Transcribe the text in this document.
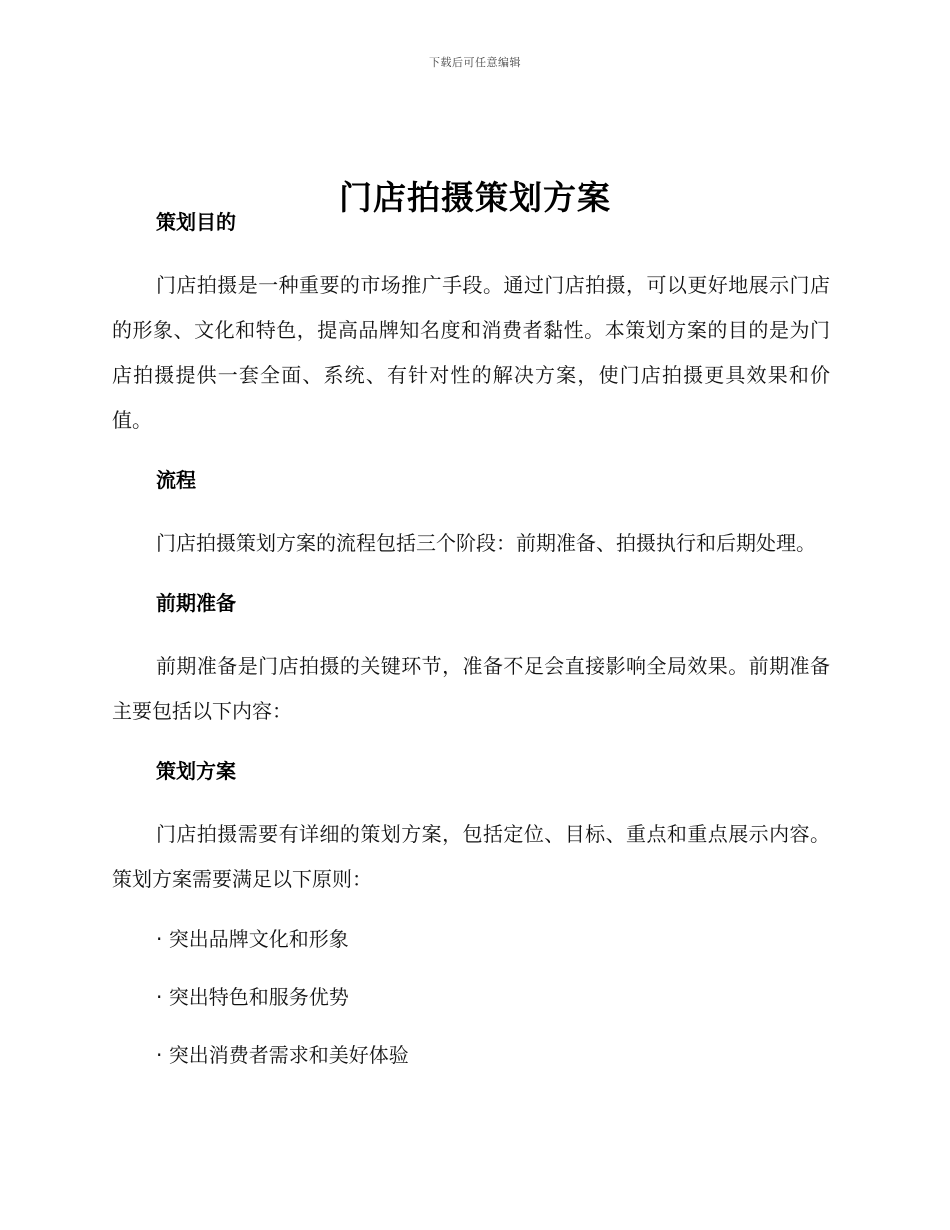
下载后可任意编辑
门店拍摄策划方案
策划目的

门店拍摄是一种重要的市场推广手段。通过门店拍摄，可以更好地展示门店的形象、文化和特色，提高品牌知名度和消费者黏性。本策划方案的目的是为门店拍摄提供一套全面、系统、有针对性的解决方案，使门店拍摄更具效果和价值。

流程

门店拍摄策划方案的流程包括三个阶段：前期准备、拍摄执行和后期处理。

前期准备

前期准备是门店拍摄的关键环节，准备不足会直接影响全局效果。前期准备主要包括以下内容：

策划方案

门店拍摄需要有详细的策划方案，包括定位、目标、重点和重点展示内容。策划方案需要满足以下原则：

· 突出品牌文化和形象

· 突出特色和服务优势

· 突出消费者需求和美好体验
